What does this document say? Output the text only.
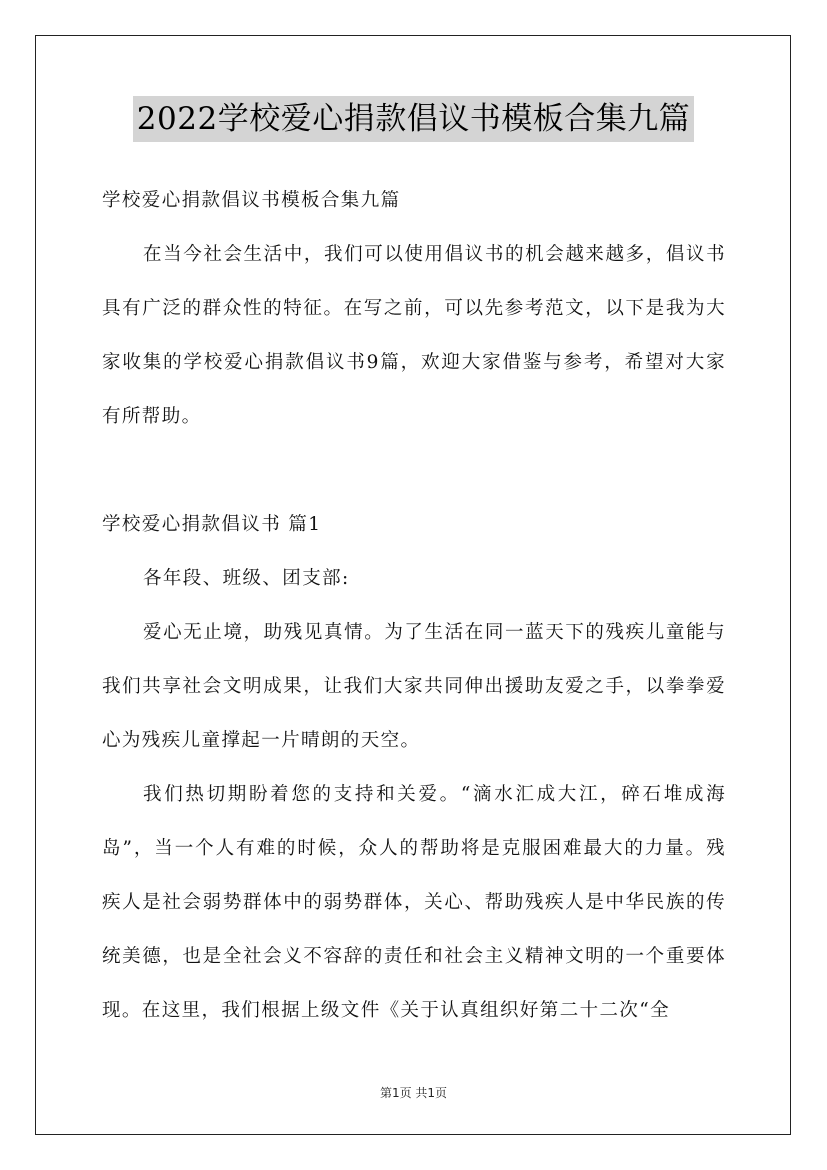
2022学校爱心捐款倡议书模板合集九篇

学校爱心捐款倡议书模板合集九篇

在当今社会生活中，我们可以使用倡议书的机会越来越多，倡议书具有广泛的群众性的特征。在写之前，可以先参考范文，以下是我为大家收集的学校爱心捐款倡议书9篇，欢迎大家借鉴与参考，希望对大家有所帮助。

学校爱心捐款倡议书 篇1

各年段、班级、团支部:

爱心无止境，助残见真情。为了生活在同一蓝天下的残疾儿童能与我们共享社会文明成果，让我们大家共同伸出援助友爱之手，以拳拳爱心为残疾儿童撑起一片晴朗的天空。

我们热切期盼着您的支持和关爱。“滴水汇成大江，碎石堆成海岛”，当一个人有难的时候，众人的帮助将是克服困难最大的力量。残疾人是社会弱势群体中的弱势群体，关心、帮助残疾人是中华民族的传统美德，也是全社会义不容辞的责任和社会主义精神文明的一个重要体现。在这里，我们根据上级文件《关于认真组织好第二十二次“全

第1页 共1页
